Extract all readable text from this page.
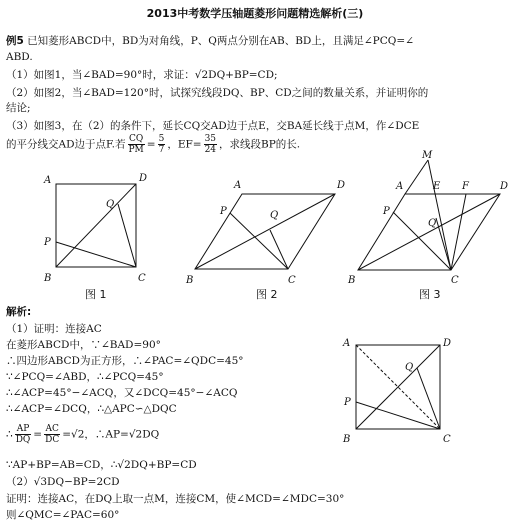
2013中考数学压轴题菱形问题精选解析(三)
例5 已知菱形ABCD中，BD为对角线，P、Q两点分别在AB、BD上，且满足∠PCQ=∠
ABD.
（1）如图1，当∠BAD=90°时，求证：√2DQ+BP=CD;
（2）如图2，当∠BAD=120°时，试探究线段DQ、BP、CD之间的数量关系，并证明你的
结论;
（3）如图3，在（2）的条件下，延长CQ交AD边于点E，交BA延长线于点M，作∠DCE
的平分线交AD边于点F.若 $\frac{CQ}{PM} = \frac{5}{7}$ ，$EF= \frac{35}{24}$ ，求线段BP的长.
A	D
Q
P
B	C
图 1
A	D
P	Q
B	C
图 2
M
A	E F	D
P
Q
B	C
图 3
解析:
（1）证明：连接AC
在菱形ABCD中，∵∠BAD=90°
∴四边形ABCD为正方形，∴∠PAC=∠QDC=45°
∵∠PCQ=∠ABD，∴∠PCQ=45°
∴∠ACP=45°−∠ACQ，又∠DCQ=45°−∠ACQ
∴∠ACP=∠DCQ，∴△APC∽△DQC
∴ $\frac{AP}{DQ} = \frac{AC}{DC} =√2$，∴AP=√2DQ
∵AP+BP=AB=CD，∴√2DQ+BP=CD
（2）√3DQ−BP=2CD
证明：连接AC，在DQ上取一点M，连接CM，使∠MCD=∠MDC=30°
则∠QMC=∠PAC=60°
A	D
Q
P
B	C
